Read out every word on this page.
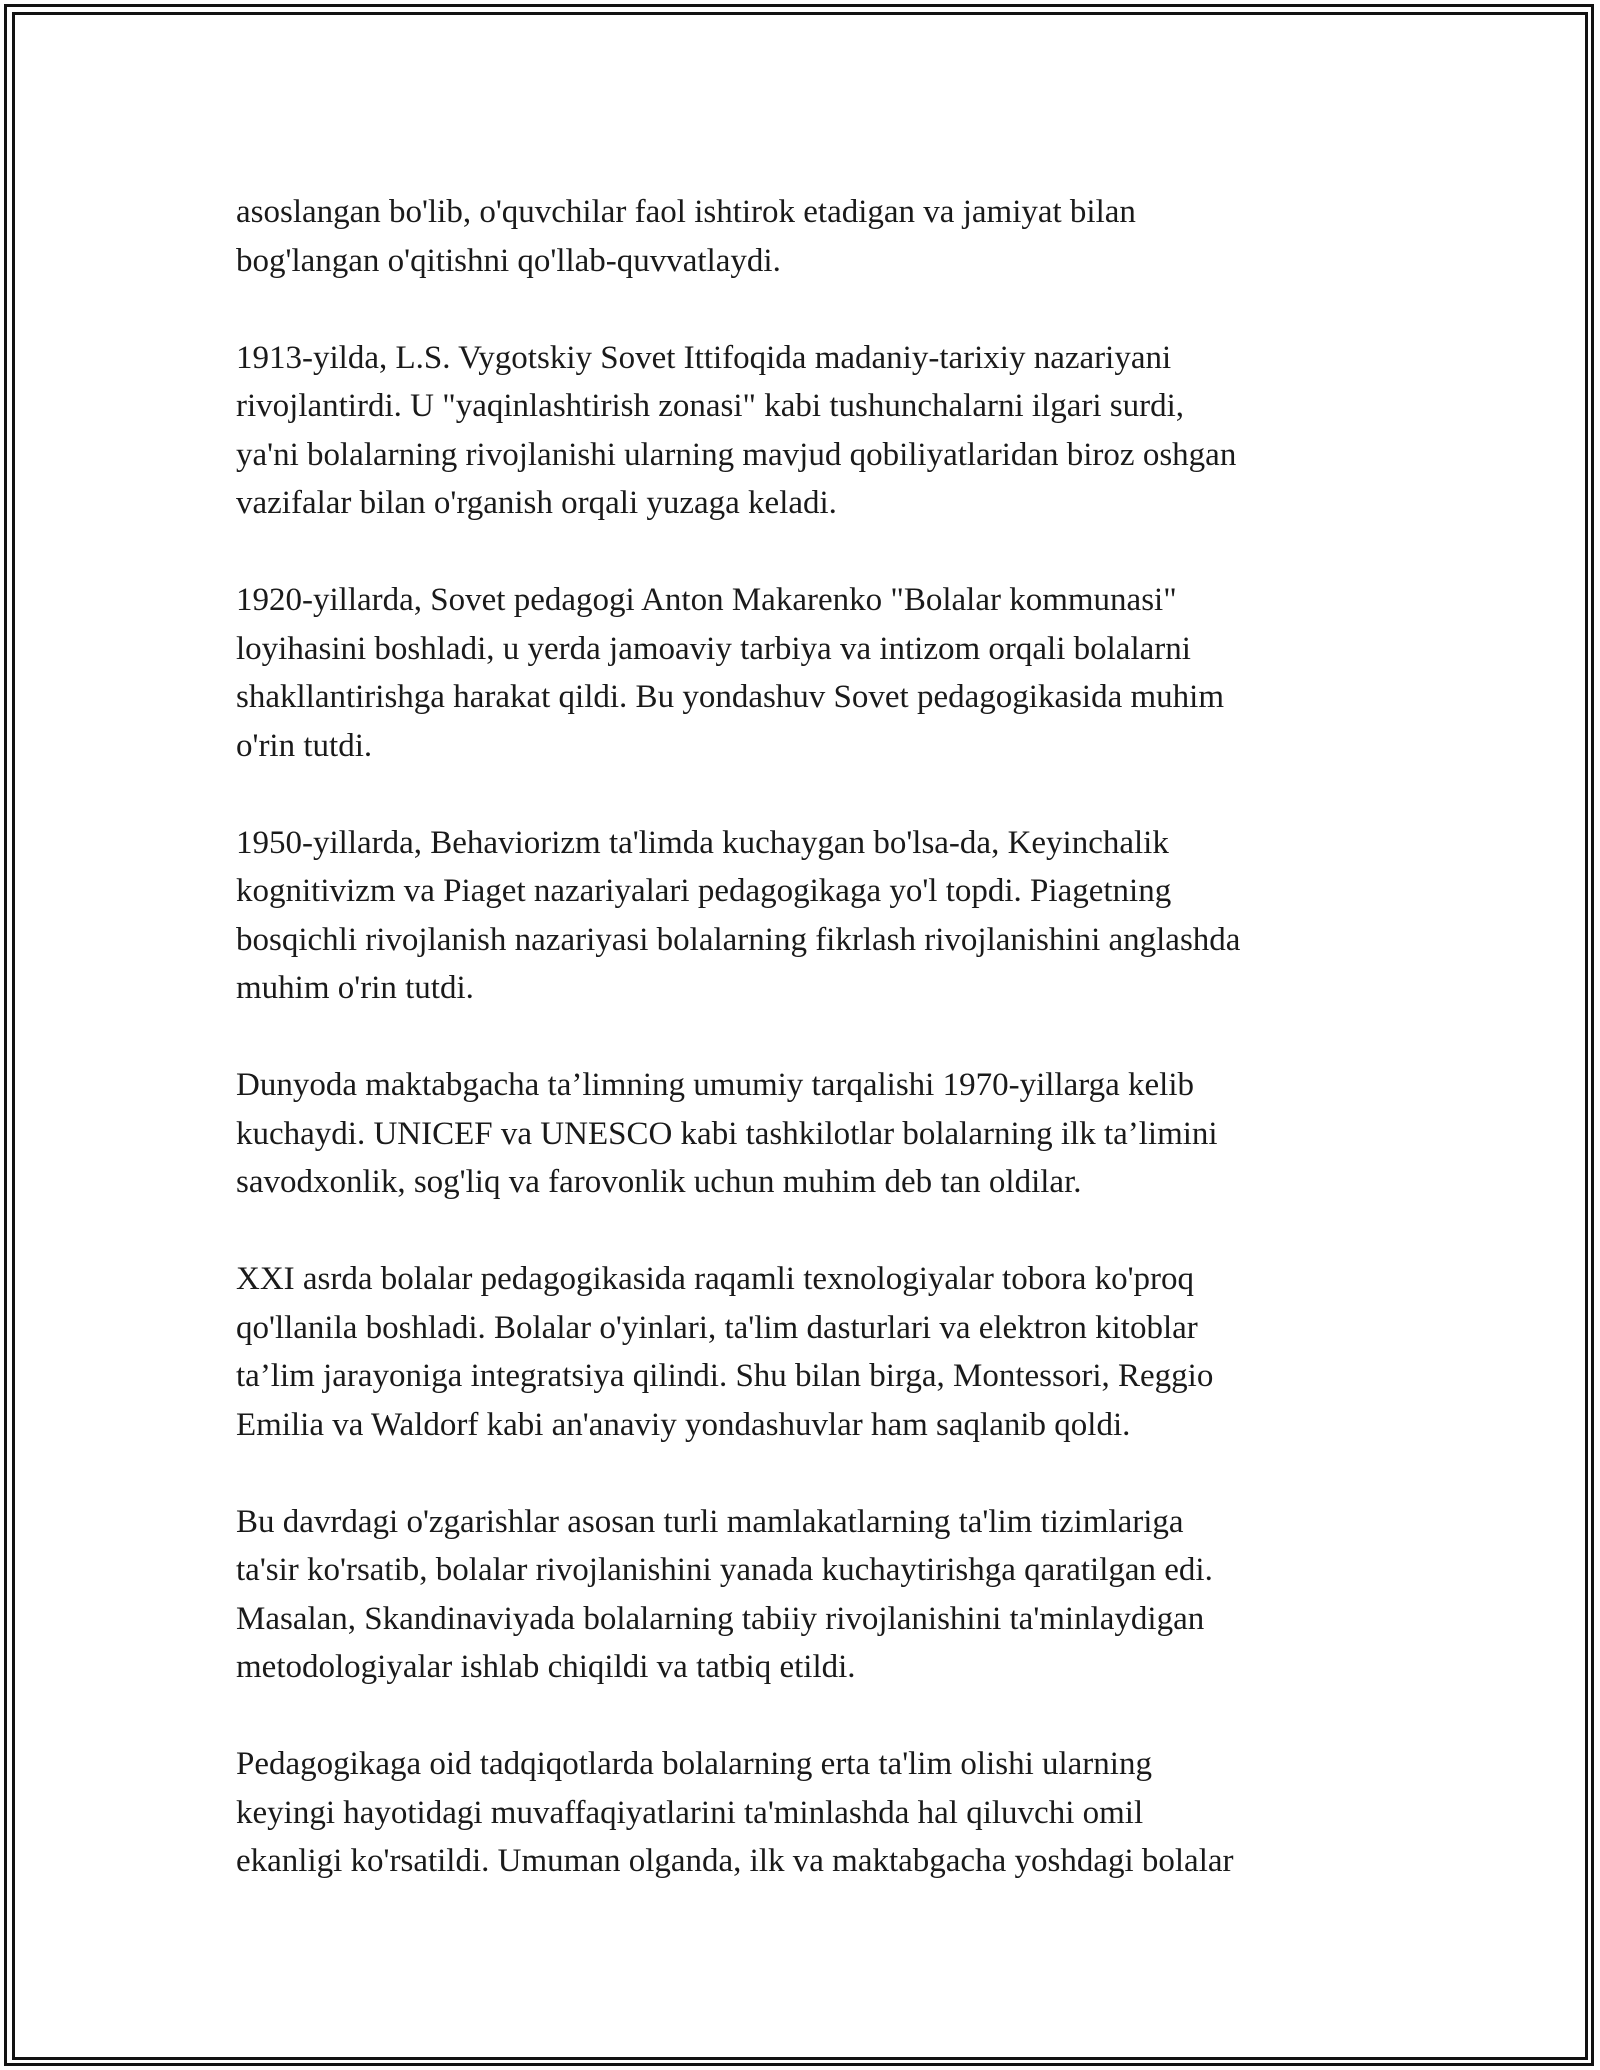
asoslangan bo'lib, o'quvchilar faol ishtirok etadigan va jamiyat bilan
bog'langan o'qitishni qo'llab-quvvatlaydi.

1913-yilda, L.S. Vygotskiy Sovet Ittifoqida madaniy-tarixiy nazariyani
rivojlantirdi. U "yaqinlashtirish zonasi" kabi tushunchalarni ilgari surdi,
ya'ni bolalarning rivojlanishi ularning mavjud qobiliyatlaridan biroz oshgan
vazifalar bilan o'rganish orqali yuzaga keladi.

1920-yillarda, Sovet pedagogi Anton Makarenko "Bolalar kommunasi"
loyihasini boshladi, u yerda jamoaviy tarbiya va intizom orqali bolalarni
shakllantirishga harakat qildi. Bu yondashuv Sovet pedagogikasida muhim
o'rin tutdi.

1950-yillarda, Behaviorizm ta'limda kuchaygan bo'lsa-da, Keyinchalik
kognitivizm va Piaget nazariyalari pedagogikaga yo'l topdi. Piagetning
bosqichli rivojlanish nazariyasi bolalarning fikrlash rivojlanishini anglashda
muhim o'rin tutdi.

Dunyoda maktabgacha ta’limning umumiy tarqalishi 1970-yillarga kelib
kuchaydi. UNICEF va UNESCO kabi tashkilotlar bolalarning ilk ta’limini
savodxonlik, sog'liq va farovonlik uchun muhim deb tan oldilar.

XXI asrda bolalar pedagogikasida raqamli texnologiyalar tobora ko'proq
qo'llanila boshladi. Bolalar o'yinlari, ta'lim dasturlari va elektron kitoblar
ta’lim jarayoniga integratsiya qilindi. Shu bilan birga, Montessori, Reggio
Emilia va Waldorf kabi an'anaviy yondashuvlar ham saqlanib qoldi.

Bu davrdagi o'zgarishlar asosan turli mamlakatlarning ta'lim tizimlariga
ta'sir ko'rsatib, bolalar rivojlanishini yanada kuchaytirishga qaratilgan edi.
Masalan, Skandinaviyada bolalarning tabiiy rivojlanishini ta'minlaydigan
metodologiyalar ishlab chiqildi va tatbiq etildi.

Pedagogikaga oid tadqiqotlarda bolalarning erta ta'lim olishi ularning
keyingi hayotidagi muvaffaqiyatlarini ta'minlashda hal qiluvchi omil
ekanligi ko'rsatildi. Umuman olganda, ilk va maktabgacha yoshdagi bolalar
